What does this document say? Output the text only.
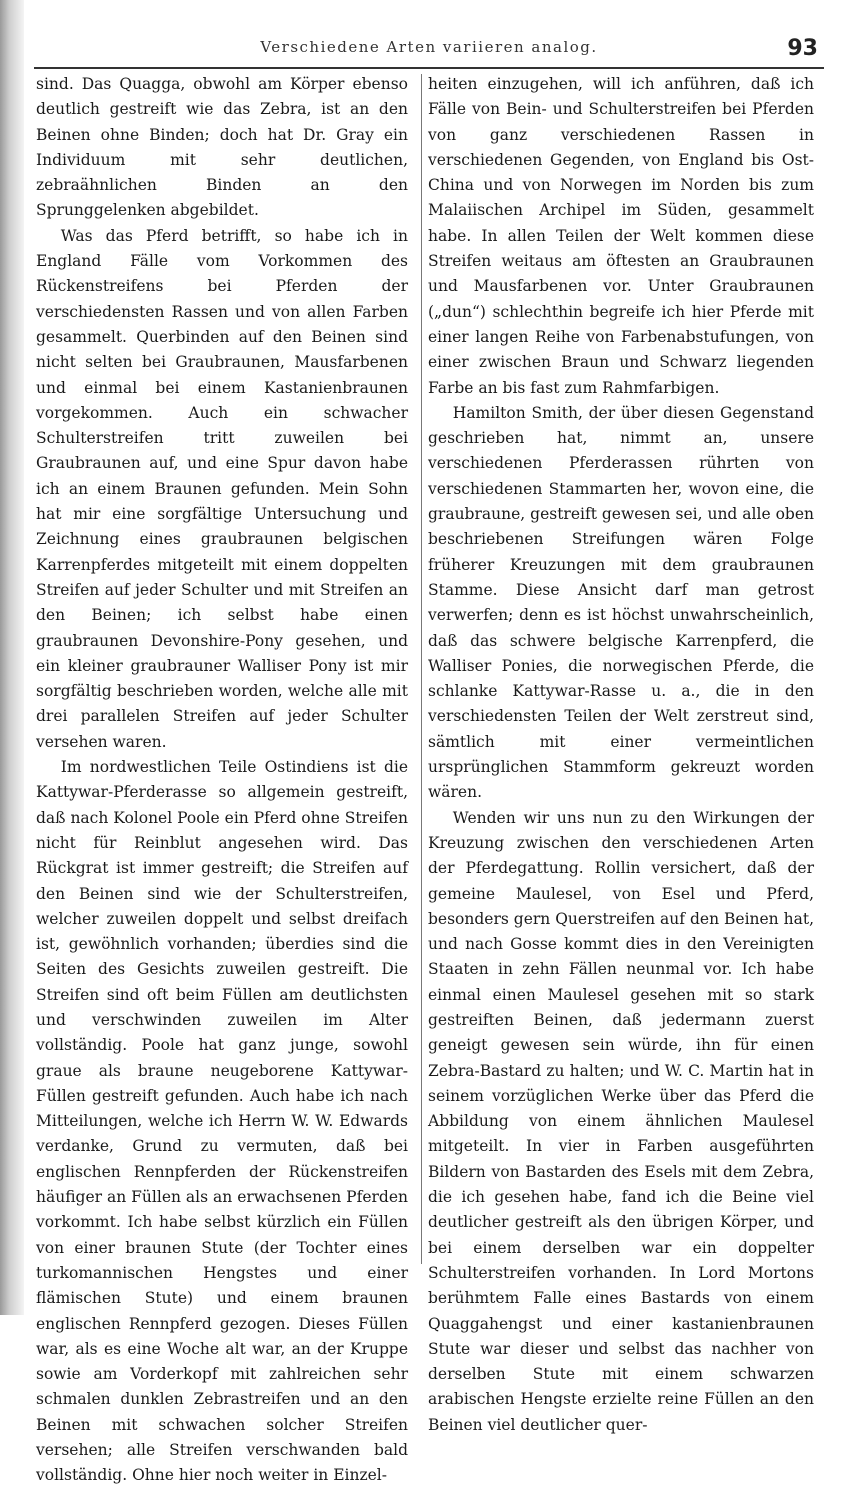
Verschiedene Arten variieren analog.	93

sind. Das Quagga, obwohl am Körper ebenso deutlich gestreift wie das Zebra, ist an den Beinen ohne Binden; doch hat Dr. Gray ein Individuum mit sehr deutlichen, zebraähnlichen Binden an den Sprunggelenken abgebildet.

Was das Pferd betrifft, so habe ich in England Fälle vom Vorkommen des Rückenstreifens bei Pferden der verschiedensten Rassen und von allen Farben gesammelt. Querbinden auf den Beinen sind nicht selten bei Graubraunen, Mausfarbenen und einmal bei einem Kastanienbraunen vorgekommen. Auch ein schwacher Schulterstreifen tritt zuweilen bei Graubraunen auf, und eine Spur davon habe ich an einem Braunen gefunden. Mein Sohn hat mir eine sorgfältige Untersuchung und Zeichnung eines graubraunen belgischen Karrenpferdes mitgeteilt mit einem doppelten Streifen auf jeder Schulter und mit Streifen an den Beinen; ich selbst habe einen graubraunen Devonshire-Pony gesehen, und ein kleiner graubrauner Walliser Pony ist mir sorgfältig beschrieben worden, welche alle mit drei parallelen Streifen auf jeder Schulter versehen waren.

Im nordwestlichen Teile Ostindiens ist die Kattywar-Pferderasse so allgemein gestreift, daß nach Kolonel Poole ein Pferd ohne Streifen nicht für Reinblut angesehen wird. Das Rückgrat ist immer gestreift; die Streifen auf den Beinen sind wie der Schulterstreifen, welcher zuweilen doppelt und selbst dreifach ist, gewöhnlich vorhanden; überdies sind die Seiten des Gesichts zuweilen gestreift. Die Streifen sind oft beim Füllen am deutlichsten und verschwinden zuweilen im Alter vollständig. Poole hat ganz junge, sowohl graue als braune neugeborene Kattywar-Füllen gestreift gefunden. Auch habe ich nach Mitteilungen, welche ich Herrn W. W. Edwards verdanke, Grund zu vermuten, daß bei englischen Rennpferden der Rückenstreifen häufiger an Füllen als an erwachsenen Pferden vorkommt. Ich habe selbst kürzlich ein Füllen von einer braunen Stute (der Tochter eines turkomannischen Hengstes und einer flämischen Stute) und einem braunen englischen Rennpferd gezogen. Dieses Füllen war, als es eine Woche alt war, an der Kruppe sowie am Vorderkopf mit zahlreichen sehr schmalen dunklen Zebrastreifen und an den Beinen mit schwachen solcher Streifen versehen; alle Streifen verschwanden bald vollständig. Ohne hier noch weiter in Einzel-

heiten einzugehen, will ich anführen, daß ich Fälle von Bein- und Schulterstreifen bei Pferden von ganz verschiedenen Rassen in verschiedenen Gegenden, von England bis Ost-China und von Norwegen im Norden bis zum Malaiischen Archipel im Süden, gesammelt habe. In allen Teilen der Welt kommen diese Streifen weitaus am öftesten an Graubraunen und Mausfarbenen vor. Unter Graubraunen („dun“) schlechthin begreife ich hier Pferde mit einer langen Reihe von Farbenabstufungen, von einer zwischen Braun und Schwarz liegenden Farbe an bis fast zum Rahmfarbigen.

Hamilton Smith, der über diesen Gegenstand geschrieben hat, nimmt an, unsere verschiedenen Pferderassen rührten von verschiedenen Stammarten her, wovon eine, die graubraune, gestreift gewesen sei, und alle oben beschriebenen Streifungen wären Folge früherer Kreuzungen mit dem graubraunen Stamme. Diese Ansicht darf man getrost verwerfen; denn es ist höchst unwahrscheinlich, daß das schwere belgische Karrenpferd, die Walliser Ponies, die norwegischen Pferde, die schlanke Kattywar-Rasse u. a., die in den verschiedensten Teilen der Welt zerstreut sind, sämtlich mit einer vermeintlichen ursprünglichen Stammform gekreuzt worden wären.

Wenden wir uns nun zu den Wirkungen der Kreuzung zwischen den verschiedenen Arten der Pferdegattung. Rollin versichert, daß der gemeine Maulesel, von Esel und Pferd, besonders gern Querstreifen auf den Beinen hat, und nach Gosse kommt dies in den Vereinigten Staaten in zehn Fällen neunmal vor. Ich habe einmal einen Maulesel gesehen mit so stark gestreiften Beinen, daß jedermann zuerst geneigt gewesen sein würde, ihn für einen Zebra-Bastard zu halten; und W. C. Martin hat in seinem vorzüglichen Werke über das Pferd die Abbildung von einem ähnlichen Maulesel mitgeteilt. In vier in Farben ausgeführten Bildern von Bastarden des Esels mit dem Zebra, die ich gesehen habe, fand ich die Beine viel deutlicher gestreift als den übrigen Körper, und bei einem derselben war ein doppelter Schulterstreifen vorhanden. In Lord Mortons berühmtem Falle eines Bastards von einem Quaggahengst und einer kastanienbraunen Stute war dieser und selbst das nachher von derselben Stute mit einem schwarzen arabischen Hengste erzielte reine Füllen an den Beinen viel deutlicher quer-
